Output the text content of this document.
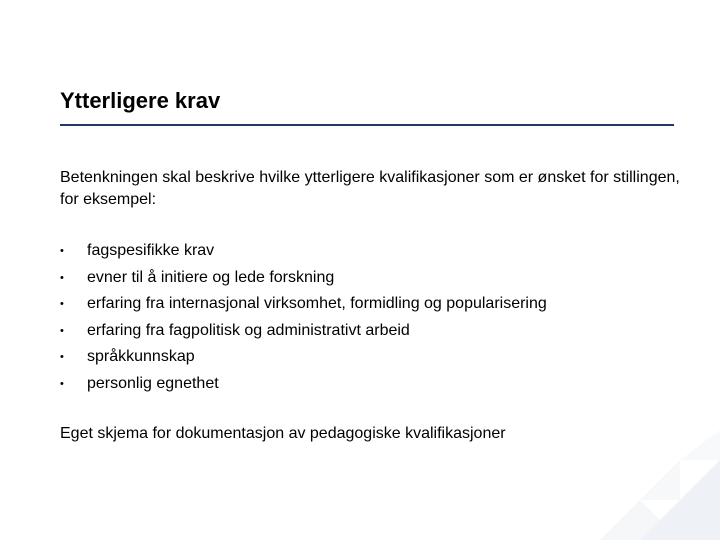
Ytterligere krav
Betenkningen skal beskrive hvilke ytterligere kvalifikasjoner som er ønsket for stillingen, for eksempel:
•	fagspesifikke krav
•	evner til å initiere og lede forskning
•	erfaring fra internasjonal virksomhet, formidling og popularisering
•	erfaring fra fagpolitisk og administrativt arbeid
•	språkkunnskap
•	personlig egnethet
Eget skjema for dokumentasjon av pedagogiske kvalifikasjoner
